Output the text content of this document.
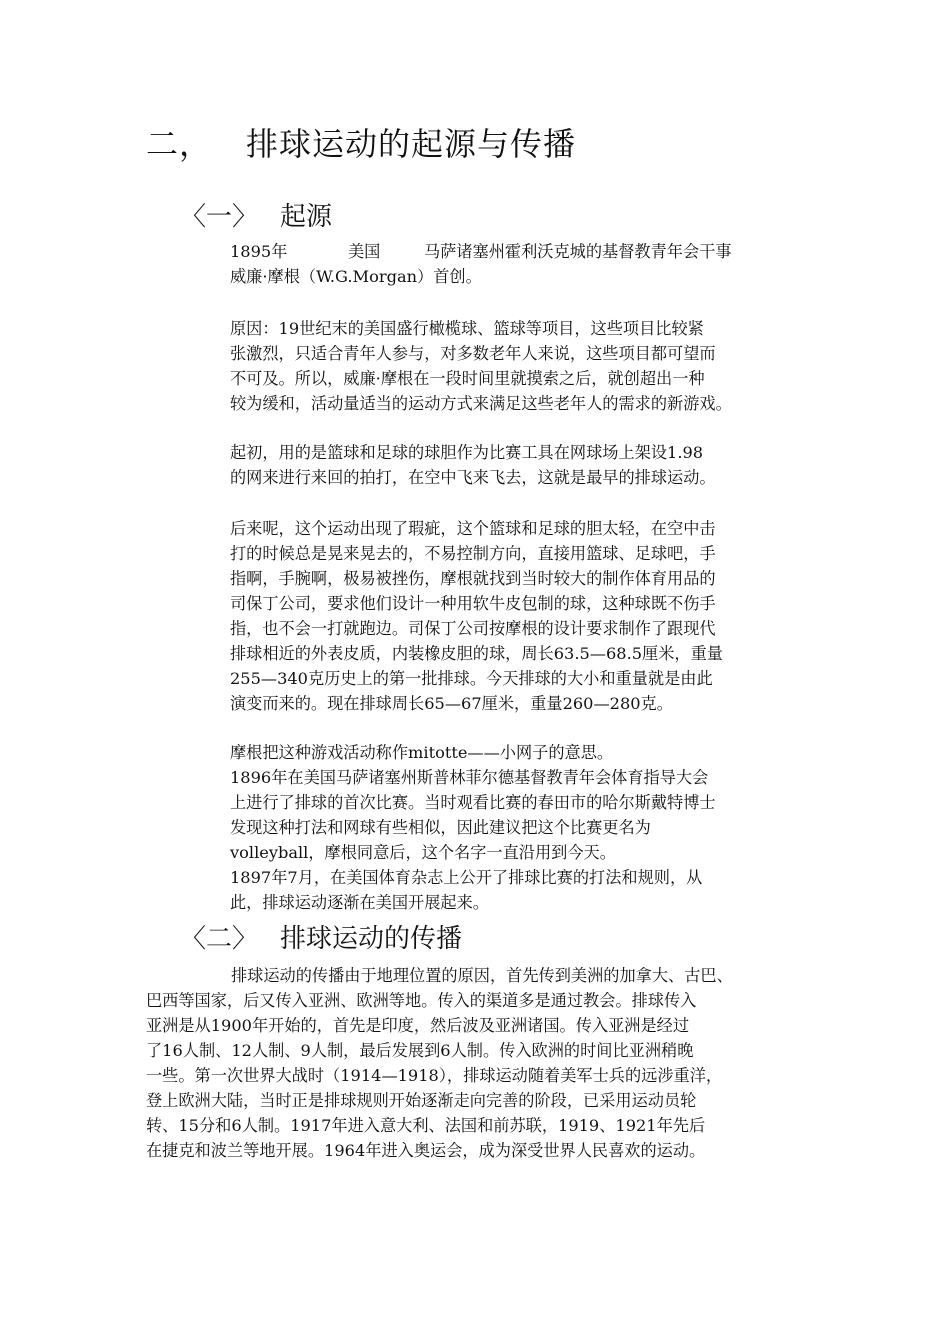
二， 排球运动的起源与传播
〈一〉 起源
1895年	美国	马萨诸塞州霍利沃克城的基督教青年会干事
威廉·摩根（W.G.Morgan）首创。
原因：19世纪末的美国盛行橄榄球、篮球等项目，这些项目比较紧
张激烈，只适合青年人参与，对多数老年人来说，这些项目都可望而
不可及。所以，威廉·摩根在一段时间里就摸索之后，就创超出一种
较为缓和，活动量适当的运动方式来满足这些老年人的需求的新游戏。
起初，用的是篮球和足球的球胆作为比赛工具在网球场上架设1.98
的网来进行来回的拍打，在空中飞来飞去，这就是最早的排球运动。
后来呢，这个运动出现了瑕疵，这个篮球和足球的胆太轻，在空中击
打的时候总是晃来晃去的，不易控制方向，直接用篮球、足球吧，手
指啊，手腕啊，极易被挫伤，摩根就找到当时较大的制作体育用品的
司保丁公司，要求他们设计一种用软牛皮包制的球，这种球既不伤手
指，也不会一打就跑边。司保丁公司按摩根的设计要求制作了跟现代
排球相近的外表皮质，内装橡皮胆的球，周长63.5—68.5厘米，重量
255—340克历史上的第一批排球。今天排球的大小和重量就是由此
演变而来的。现在排球周长65—67厘米，重量260—280克。
摩根把这种游戏活动称作mitotte——小网子的意思。
1896年在美国马萨诸塞州斯普林菲尔德基督教青年会体育指导大会
上进行了排球的首次比赛。当时观看比赛的春田市的哈尔斯戴特博士
发现这种打法和网球有些相似，因此建议把这个比赛更名为
volleyball，摩根同意后，这个名字一直沿用到今天。
1897年7月，在美国体育杂志上公开了排球比赛的打法和规则，从
此，排球运动逐渐在美国开展起来。
〈二〉 排球运动的传播
排球运动的传播由于地理位置的原因，首先传到美洲的加拿大、古巴、
巴西等国家，后又传入亚洲、欧洲等地。传入的渠道多是通过教会。排球传入
亚洲是从1900年开始的，首先是印度，然后波及亚洲诸国。传入亚洲是经过
了16人制、12人制、9人制，最后发展到6人制。传入欧洲的时间比亚洲稍晚
一些。第一次世界大战时（1914—1918），排球运动随着美军士兵的远涉重洋，
登上欧洲大陆，当时正是排球规则开始逐渐走向完善的阶段，已采用运动员轮
转、15分和6人制。1917年进入意大利、法国和前苏联，1919、1921年先后
在捷克和波兰等地开展。1964年进入奥运会，成为深受世界人民喜欢的运动。
